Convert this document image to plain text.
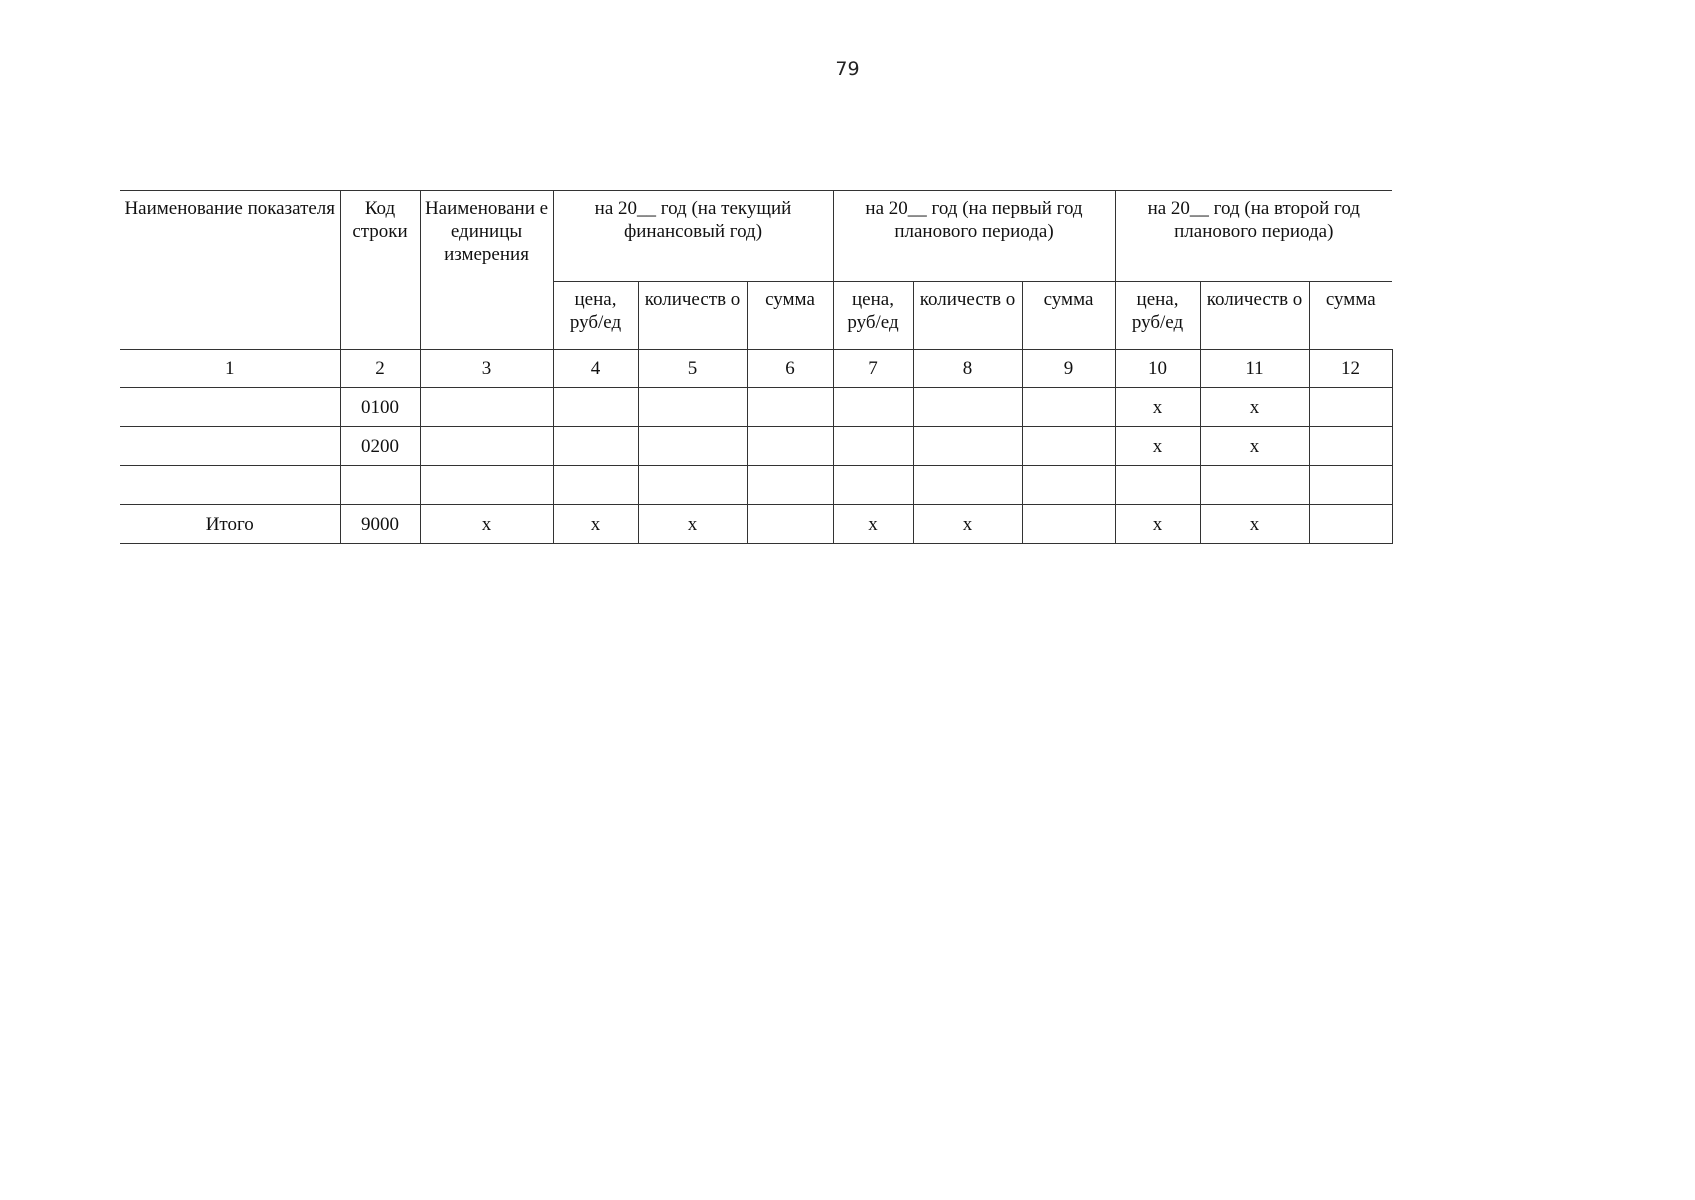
79
Наименование показателя	Код строки	Наименовани е единицы измерения	на 20__ год (на текущий финансовый год)			на 20__ год (на первый год планового периода)			на 20__ год (на второй год планового периода)		
			цена, руб/ед	количеств о	сумма	цена, руб/ед	количеств о	сумма	цена, руб/ед	количеств о	сумма
1	2	3	4	5	6	7	8	9	10	11	12
	0100								x	x	
	0200								x	x	

Итого	9000	x	x	x		x	x		x	x	
